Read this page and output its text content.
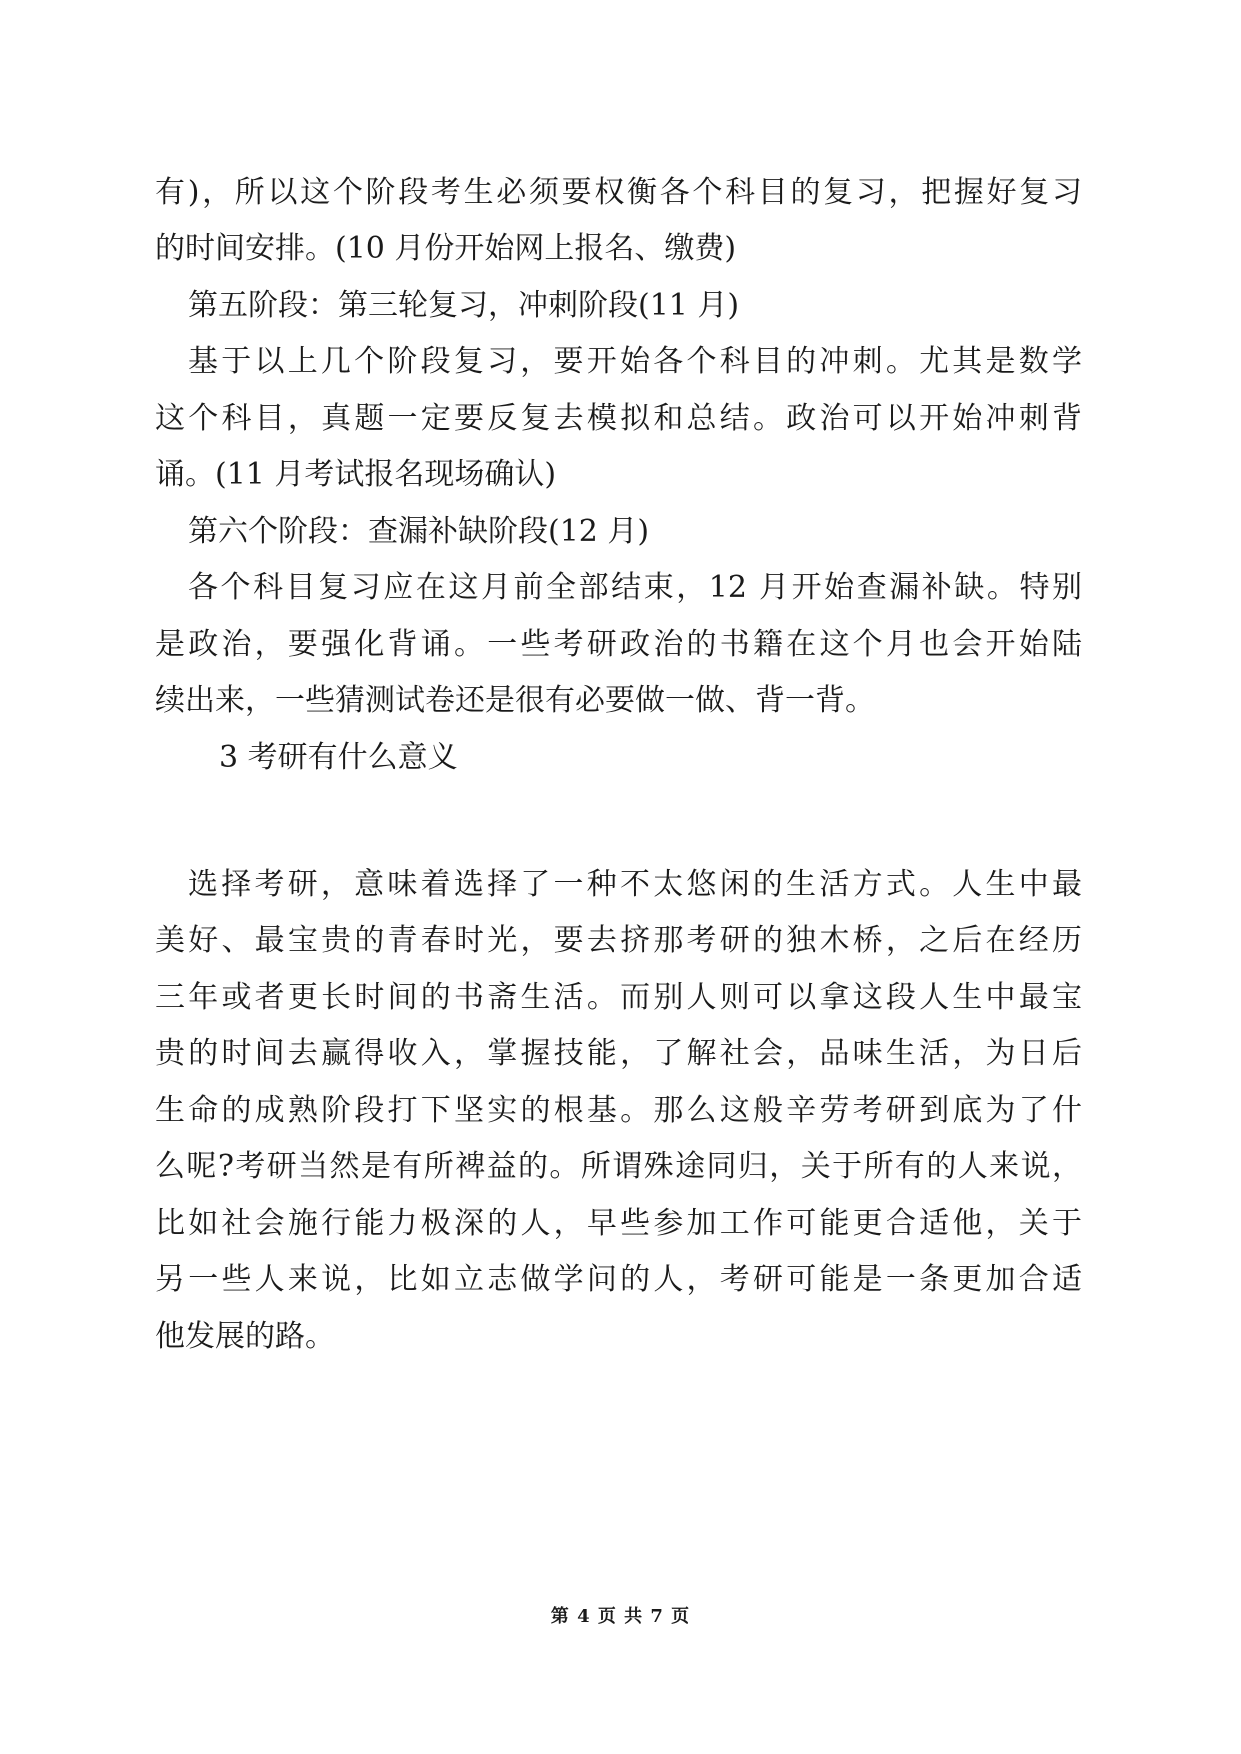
有)，所以这个阶段考生必须要权衡各个科目的复习，把握好复习
的时间安排。(10 月份开始网上报名、缴费)
第五阶段：第三轮复习，冲刺阶段(11 月)
基于以上几个阶段复习，要开始各个科目的冲刺。尤其是数学
这个科目，真题一定要反复去模拟和总结。政治可以开始冲刺背
诵。(11 月考试报名现场确认)
第六个阶段：查漏补缺阶段(12 月)
各个科目复习应在这月前全部结束，12 月开始查漏补缺。特别
是政治，要强化背诵。一些考研政治的书籍在这个月也会开始陆
续出来，一些猜测试卷还是很有必要做一做、背一背。
3 考研有什么意义
选择考研，意味着选择了一种不太悠闲的生活方式。人生中最
美好、最宝贵的青春时光，要去挤那考研的独木桥，之后在经历
三年或者更长时间的书斋生活。而别人则可以拿这段人生中最宝
贵的时间去赢得收入，掌握技能，了解社会，品味生活，为日后
生命的成熟阶段打下坚实的根基。那么这般辛劳考研到底为了什
么呢?考研当然是有所裨益的。所谓殊途同归，关于所有的人来说，
比如社会施行能力极深的人，早些参加工作可能更合适他，关于
另一些人来说，比如立志做学问的人，考研可能是一条更加合适
他发展的路。
第 4 页 共 7 页
